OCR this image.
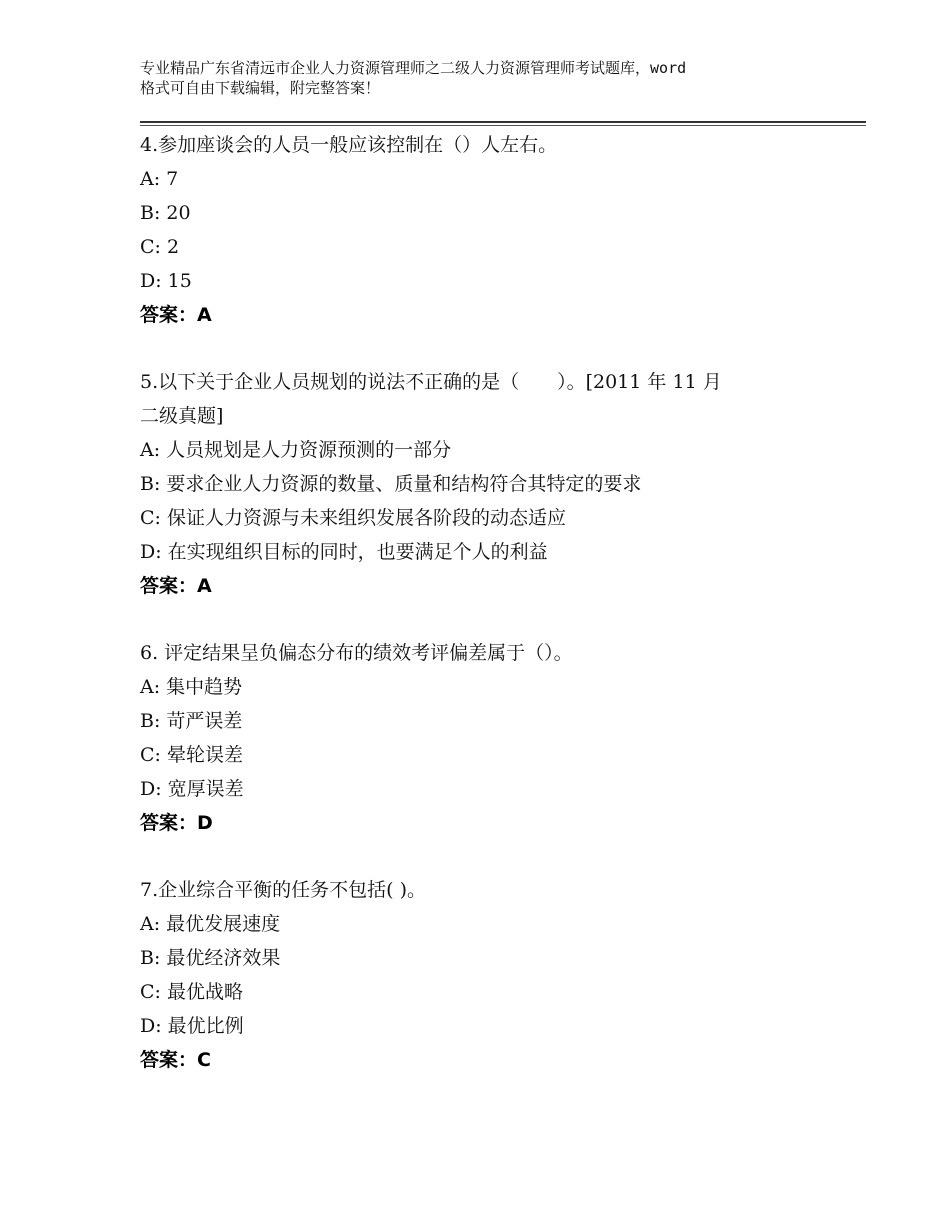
专业精品广东省清远市企业人力资源管理师之二级人力资源管理师考试题库，word
格式可自由下载编辑，附完整答案！
4.参加座谈会的人员一般应该控制在（）人左右。
A: 7
B: 20
C: 2
D: 15
答案：A
5.以下关于企业人员规划的说法不正确的是（　　）。[2011 年 11 月
二级真题]
A: 人员规划是人力资源预测的一部分
B: 要求企业人力资源的数量、质量和结构符合其特定的要求
C: 保证人力资源与未来组织发展各阶段的动态适应
D: 在实现组织目标的同时，也要满足个人的利益
答案：A
6. 评定结果呈负偏态分布的绩效考评偏差属于（）。
A: 集中趋势
B: 苛严误差
C: 晕轮误差
D: 宽厚误差
答案：D
7.企业综合平衡的任务不包括( )。
A: 最优发展速度
B: 最优经济效果
C: 最优战略
D: 最优比例
答案：C
